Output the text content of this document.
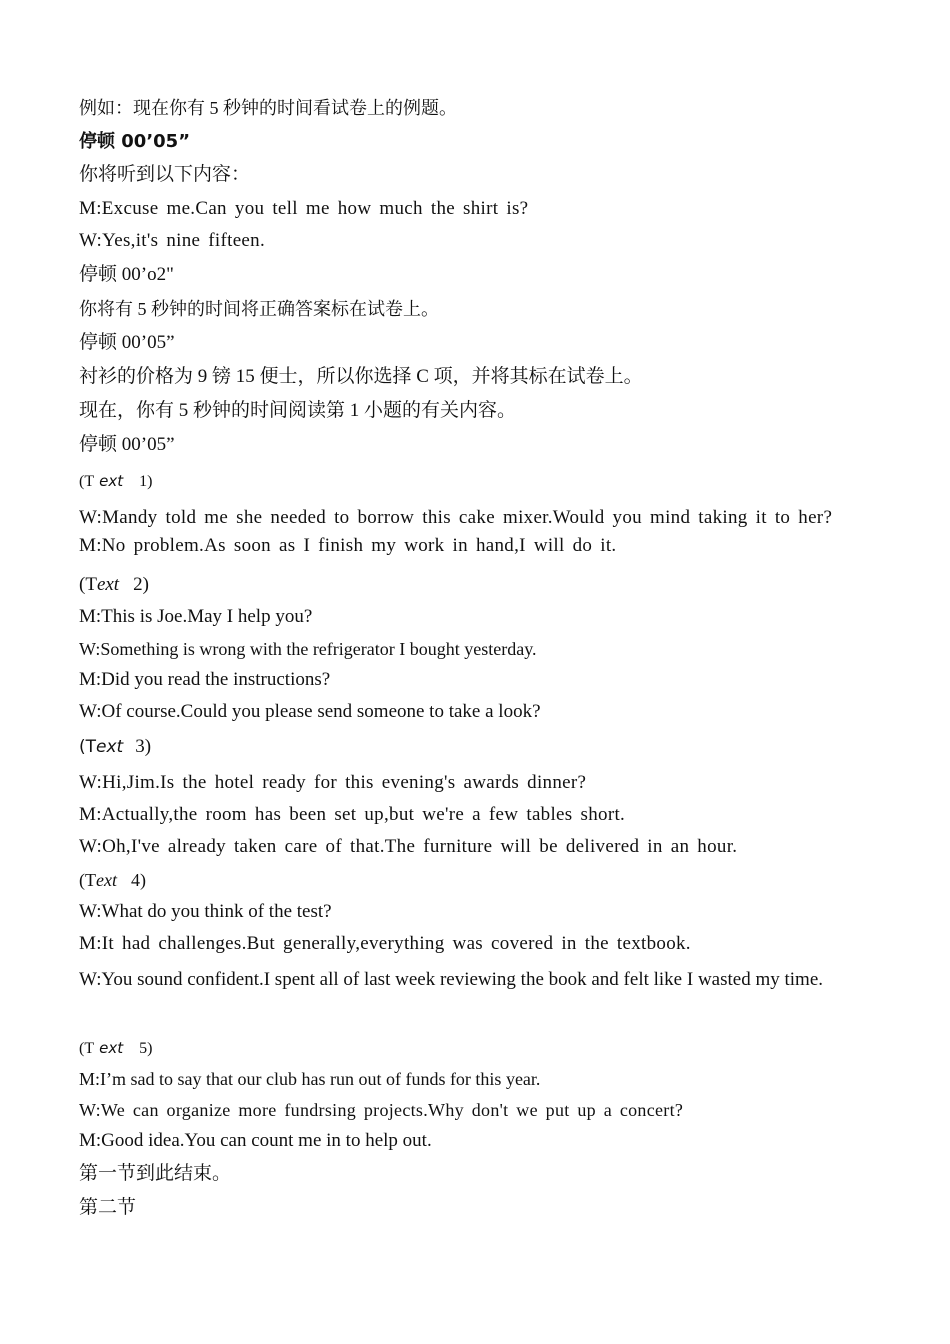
例如：现在你有 5 秒钟的时间看试卷上的例题。
停顿 00’05”
你将听到以下内容：
M:Excuse me.Can you tell me how much the shirt is?
W:Yes,it's nine fifteen.
停顿 00’o2"
你将有 5 秒钟的时间将正确答案标在试卷上。
停顿 00’05”
衬衫的价格为 9 镑 15 便士，所以你选择 C 项，并将其标在试卷上。
现在，你有 5 秒钟的时间阅读第 1 小题的有关内容。
停顿 00’05”
(T ext 1)
W:Mandy told me she needed to borrow this cake mixer.Would you mind taking it to her? M:No problem.As soon as I finish my work in hand,I will do it.
(Text 2)
M:This is Joe.May I help you?
W:Something is wrong with the refrigerator I bought yesterday.
M:Did you read the instructions?
W:Of course.Could you please send someone to take a look?
(Text 3)
W:Hi,Jim.Is the hotel ready for this evening's awards dinner?
M:Actually,the room has been set up,but we're a few tables short.
W:Oh,I've already taken care of that.The furniture will be delivered in an hour.
(Text 4)
W:What do you think of the test?
M:It had challenges.But generally,everything was covered in the textbook.
W:You sound confident.I spent all of last week reviewing the book and felt like I wasted my time.
(T ext 5)
M:I’m sad to say that our club has run out of funds for this year.
W:We can organize more fundrsing projects.Why don't we put up a concert?
M:Good idea.You can count me in to help out.
第一节到此结束。
第二节
